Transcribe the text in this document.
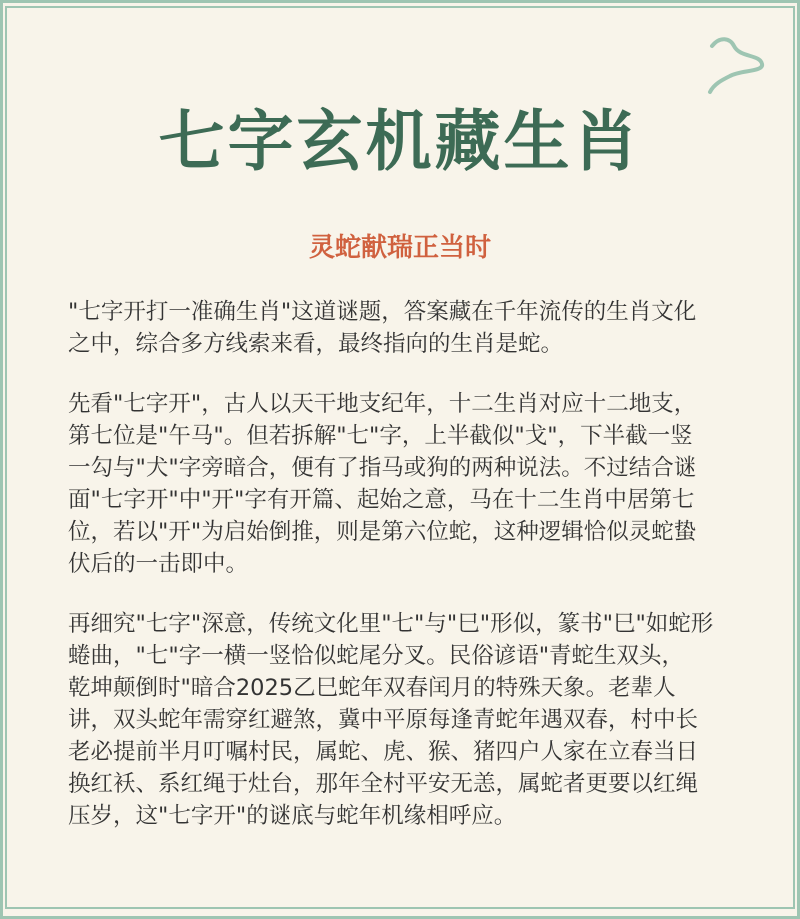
七字玄机藏生肖
灵蛇献瑞正当时

"七字开打一准确生肖"这道谜题，答案藏在千年流传的生肖文化
之中，综合多方线索来看，最终指向的生肖是蛇。

先看"七字开"，古人以天干地支纪年，十二生肖对应十二地支，
第七位是"午马"。但若拆解"七"字，上半截似"戈"，下半截一竖
一勾与"犬"字旁暗合，便有了指马或狗的两种说法。不过结合谜
面"七字开"中"开"字有开篇、起始之意，马在十二生肖中居第七
位，若以"开"为启始倒推，则是第六位蛇，这种逻辑恰似灵蛇蛰
伏后的一击即中。

再细究"七字"深意，传统文化里"七"与"巳"形似，篆书"巳"如蛇形
蜷曲，"七"字一横一竖恰似蛇尾分叉。民俗谚语"青蛇生双头，
乾坤颠倒时"暗合2025乙巳蛇年双春闰月的特殊天象。老辈人
讲，双头蛇年需穿红避煞，冀中平原每逢青蛇年遇双春，村中长
老必提前半月叮嘱村民，属蛇、虎、猴、猪四户人家在立春当日
换红袄、系红绳于灶台，那年全村平安无恙，属蛇者更要以红绳
压岁，这"七字开"的谜底与蛇年机缘相呼应。
